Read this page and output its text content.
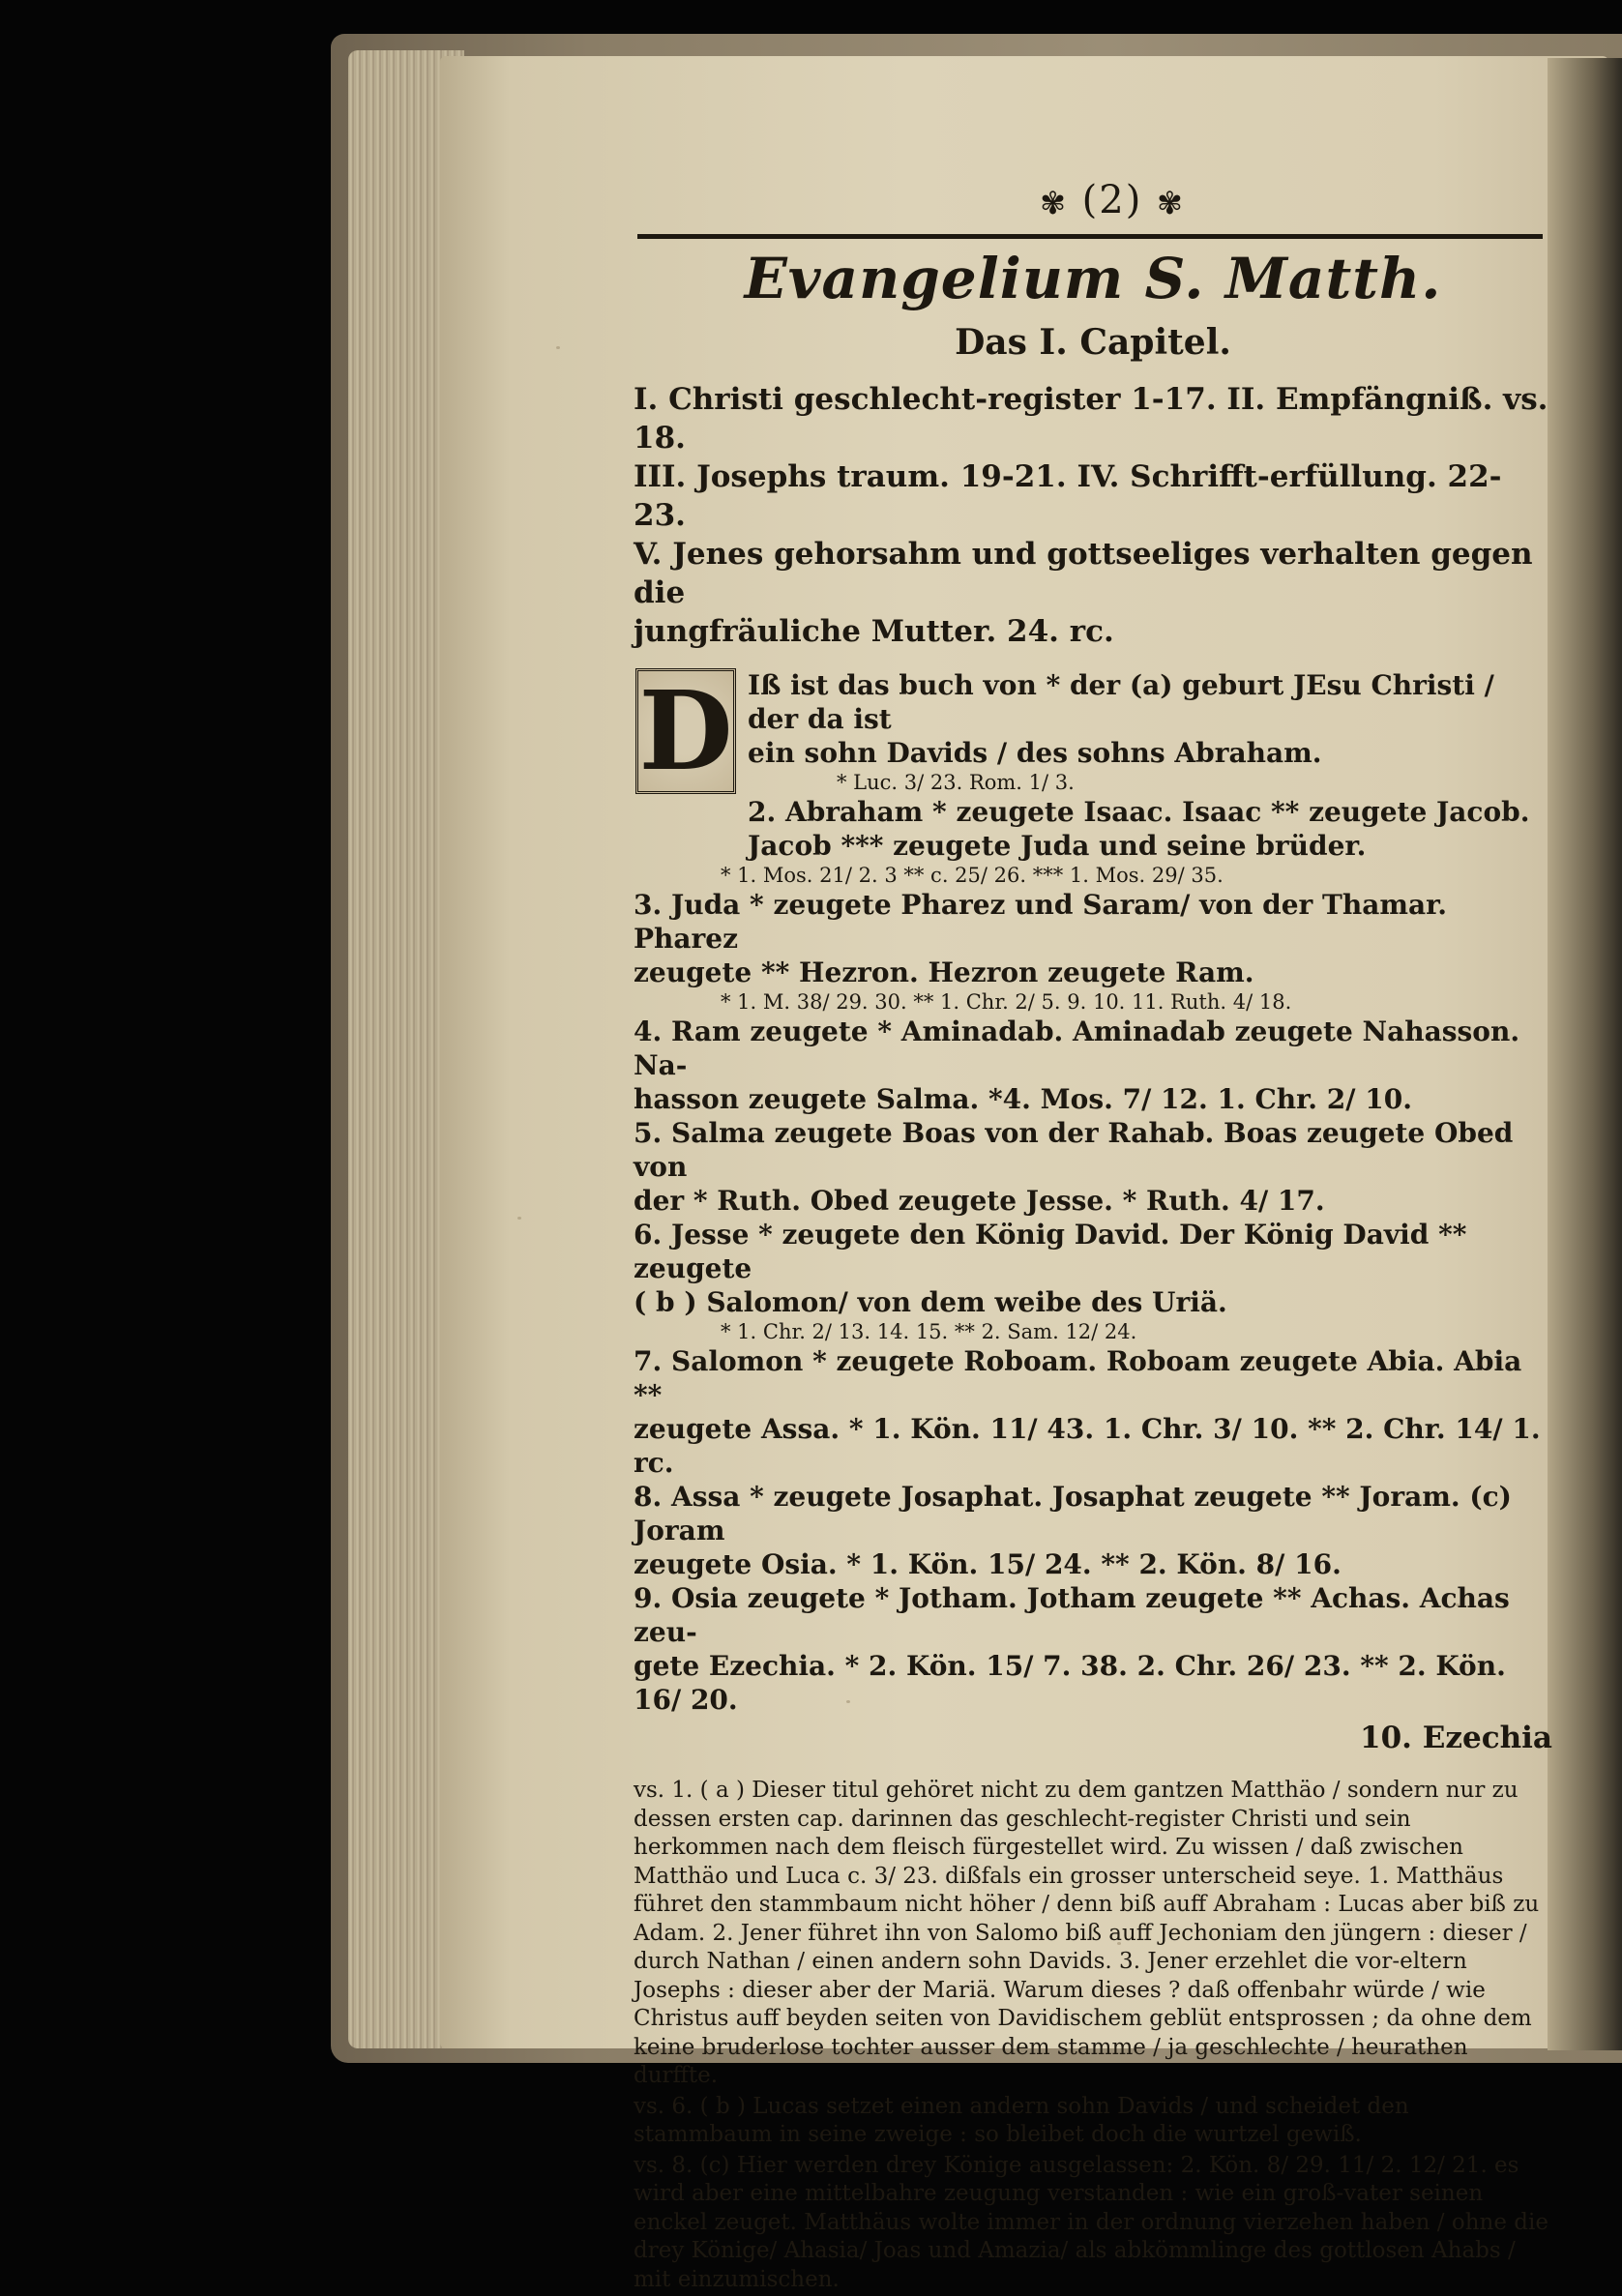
✾ (2) ✾
Evangelium S. Matth.
Das I. Capitel.

I. Christi geschlecht-register 1-17. II. Empfängniß. vs. 18.

III. Josephs traum. 19-21. IV. Schrifft-erfüllung. 22-23.

V. Jenes gehorsahm und gottseeliges verhalten gegen die

jungfräuliche Mutter. 24. rc.

D Iß ist das buch von * der (a) geburt JEsu Christi / der da ist

ein sohn Davids / des sohns Abraham.

* Luc. 3/ 23. Rom. 1/ 3.

2. Abraham * zeugete Isaac. Isaac ** zeugete Jacob.

Jacob *** zeugete Juda und seine brüder.

* 1. Mos. 21/ 2. 3 ** c. 25/ 26. *** 1. Mos. 29/ 35.

3. Juda * zeugete Pharez und Saram/ von der Thamar. Pharez

zeugete ** Hezron. Hezron zeugete Ram.

* 1. M. 38/ 29. 30. ** 1. Chr. 2/ 5. 9. 10. 11. Ruth. 4/ 18.

4. Ram zeugete * Aminadab. Aminadab zeugete Nahasson. Na-

hasson zeugete Salma. *4. Mos. 7/ 12. 1. Chr. 2/ 10.

5. Salma zeugete Boas von der Rahab. Boas zeugete Obed von

der * Ruth. Obed zeugete Jesse. * Ruth. 4/ 17.

6. Jesse * zeugete den König David. Der König David ** zeugete

( b ) Salomon/ von dem weibe des Uriä.

* 1. Chr. 2/ 13. 14. 15. ** 2. Sam. 12/ 24.

7. Salomon * zeugete Roboam. Roboam zeugete Abia. Abia **

zeugete Assa. * 1. Kön. 11/ 43. 1. Chr. 3/ 10. ** 2. Chr. 14/ 1. rc.

8. Assa * zeugete Josaphat. Josaphat zeugete ** Joram. (c) Joram

zeugete Osia. * 1. Kön. 15/ 24. ** 2. Kön. 8/ 16.

9. Osia zeugete * Jotham. Jotham zeugete ** Achas. Achas zeu-

gete Ezechia. * 2. Kön. 15/ 7. 38. 2. Chr. 26/ 23. ** 2. Kön. 16/ 20.

10. Ezechia

vs. 1. ( a ) Dieser titul gehöret nicht zu dem gantzen Matthäo / sondern nur zu dessen ersten cap. darinnen das geschlecht-register Christi und sein herkommen nach dem fleisch fürgestellet wird. Zu wissen / daß zwischen Matthäo und Luca c. 3/ 23. dißfals ein grosser unterscheid seye. 1. Matthäus führet den stammbaum nicht höher / denn biß auff Abraham : Lucas aber biß zu Adam. 2. Jener führet ihn von Salomo biß auff Jechoniam den jüngern : dieser / durch Nathan / einen andern sohn Davids. 3. Jener erzehlet die vor-eltern Josephs : dieser aber der Mariä. Warum dieses ? daß offenbahr würde / wie Christus auff beyden seiten von Davidischem geblüt entsprossen ; da ohne dem keine bruderlose tochter ausser dem stamme / ja geschlechte / heurathen durffte.

vs. 6. ( b ) Lucas setzet einen andern sohn Davids / und scheidet den stammbaum in seine zweige : so bleibet doch die wurtzel gewiß.

vs. 8. (c) Hier werden drey Könige ausgelassen: 2. Kön. 8/ 29. 11/ 2. 12/ 21. es wird aber eine mittelbahre zeugung verstanden : wie ein groß-vater seinen enckel zeuget. Matthäus wolte immer in der ordnung vierzehen haben / ohne die drey Könige/ Ahasia/ Joas und Amazia/ als abkömmlinge des gottlosen Ahabs / mit einzumischen.
